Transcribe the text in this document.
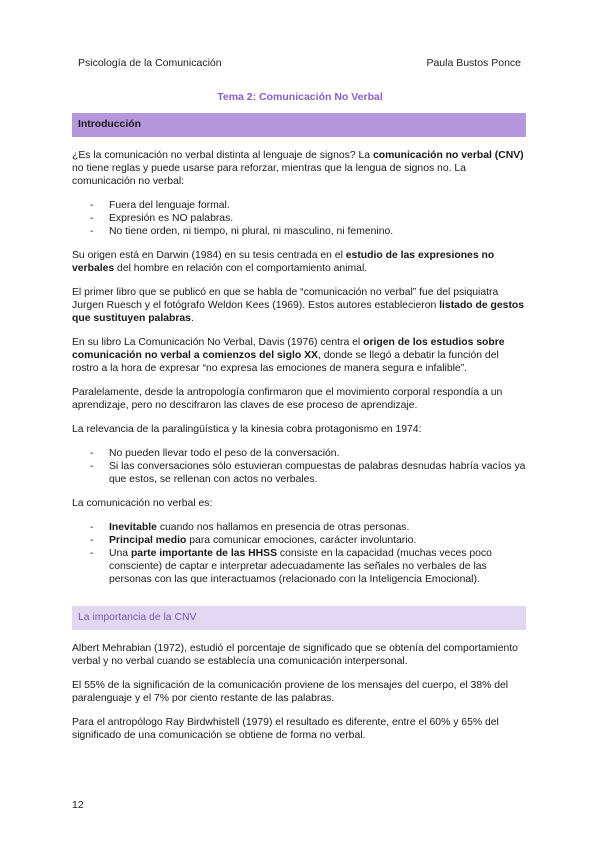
Psicología de la Comunicación	Paula Bustos Ponce
Tema 2: Comunicación No Verbal
Introducción

¿Es la comunicación no verbal distinta al lenguaje de signos? La comunicación no verbal (CNV) no tiene reglas y puede usarse para reforzar, mientras que la lengua de signos no. La comunicación no verbal:

- Fuera del lenguaje formal.
- Expresión es NO palabras.
- No tiene orden, ni tiempo, ni plural, ni masculino, ni femenino.

Su origen está en Darwin (1984) en su tesis centrada en el estudio de las expresiones no verbales del hombre en relación con el comportamiento animal.

El primer libro que se publicó en que se habla de “comunicación no verbal” fue del psiquiatra Jurgen Ruesch y el fotógrafo Weldon Kees (1969). Estos autores establecieron listado de gestos que sustituyen palabras.

En su libro La Comunicación No Verbal, Davis (1976) centra el origen de los estudios sobre comunicación no verbal a comienzos del siglo XX, donde se llegó a debatir la función del rostro a la hora de expresar “no expresa las emociones de manera segura e infalible”.

Paralelamente, desde la antropología confirmaron que el movimiento corporal respondía a un aprendizaje, pero no descifraron las claves de ese proceso de aprendizaje.

La relevancia de la paralingüística y la kinesia cobra protagonismo en 1974:

- No pueden llevar todo el peso de la conversación.
- Si las conversaciones sólo estuvieran compuestas de palabras desnudas habría vacíos ya que estos, se rellenan con actos no verbales.

La comunicación no verbal es:

- Inevitable cuando nos hallamos en presencia de otras personas.
- Principal medio para comunicar emociones, carácter involuntario.
- Una parte importante de las HHSS consiste en la capacidad (muchas veces poco consciente) de captar e interpretar adecuadamente las señales no verbales de las personas con las que interactuamos (relacionado con la Inteligencia Emocional).
La importancia de la CNV

Albert Mehrabian (1972), estudió el porcentaje de significado que se obtenía del comportamiento verbal y no verbal cuando se establecía una comunicación interpersonal.

El 55% de la significación de la comunicación proviene de los mensajes del cuerpo, el 38% del paralenguaje y el 7% por ciento restante de las palabras.

Para el antropólogo Ray Birdwhistell (1979) el resultado es diferente, entre el 60% y 65% del significado de una comunicación se obtiene de forma no verbal.

12
